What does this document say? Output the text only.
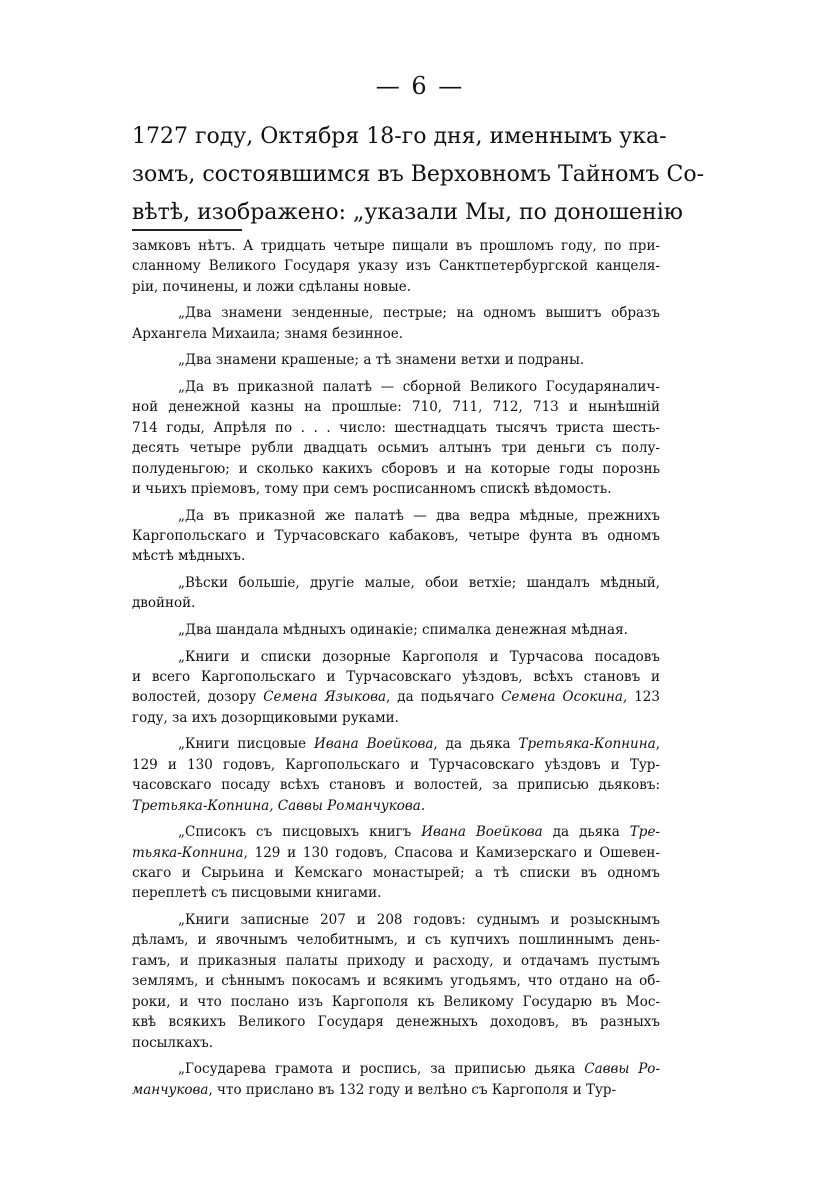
— 6 —
1727 году, Октября 18-го дня, именнымъ ука-
зомъ, состоявшимся въ Верховномъ Тайномъ Со-
вѣтѣ, изображено: „указали Мы, по доношенію
замковъ нѣтъ. А тридцать четыре пищали въ прошломъ году, по при-
сланному Великого Государя указу изъ Санктпетербургской канцеля-
ріи, починены, и ложи сдѣланы новые.
„Два знамени зенденные, пестрые; на одномъ вышитъ образъ
Архангела Михаила; знамя безинное.
„Два знамени крашеные; а тѣ знамени ветхи и подраны.
„Да въ приказной палатѣ — сборной Великого Государяналич-
ной денежной казны на прошлые: 710, 711, 712, 713 и нынѣшній
714 годы, Апрѣля по . . . число: шестнадцать тысячъ триста шесть-
десять четыре рубли двадцать осьмиъ алтынъ три деньги съ полу-
полуденьгою; и сколько какихъ сборовъ и на которые годы порознь
и чьихъ пріемовъ, тому при семъ росписанномъ спискѣ вѣдомость.
„Да въ приказной же палатѣ — два ведра мѣдные, прежнихъ
Каргопольскаго и Турчасовскаго кабаковъ, четыре фунта въ одномъ
мѣстѣ мѣдныхъ.
„Вѣски большіе, другіе малые, обои ветхіе; шандалъ мѣдный,
двойной.
„Два шандала мѣдныхъ одинакіе; спималка денежная мѣдная.
„Книги и списки дозорные Каргополя и Турчасова посадовъ
и всего Каргопольскаго и Турчасовскаго уѣздовъ, всѣхъ становъ и
волостей, дозору Семена Языкова, да подьячаго Семена Осокина, 123
году, за ихъ дозорщиковыми руками.
„Книги писцовые Ивана Воейкова, да дьяка Третьяка-Копнина,
129 и 130 годовъ, Каргопольскаго и Турчасовскаго уѣздовъ и Тур-
часовскаго посаду всѣхъ становъ и волостей, за приписью дьяковъ:
Третьяка-Копнина, Саввы Романчукова.
„Списокъ съ писцовыхъ книгъ Ивана Воейкова да дьяка Тре-
тьяка-Копнина, 129 и 130 годовъ, Спасова и Камизерскаго и Ошевен-
скаго и Сырьина и Кемскаго монастырей; а тѣ списки въ одномъ
переплетѣ съ писцовыми книгами.
„Книги записные 207 и 208 годовъ: суднымъ и розыскнымъ
дѣламъ, и явочнымъ челобитнымъ, и съ купчихъ пошлиннымъ день-
гамъ, и приказныя палаты приходу и расходу, и отдачамъ пустымъ
землямъ, и сѣннымъ покосамъ и всякимъ угодьямъ, что отдано на об-
роки, и что послано изъ Каргополя къ Великому Государю въ Мос-
квѣ всякихъ Великого Государя денежныхъ доходовъ, въ разныхъ
посылкахъ.
„Государева грамота и роспись, за приписью дьяка Саввы Ро-
манчукова, что прислано въ 132 году и велѣно съ Каргополя и Тур-
